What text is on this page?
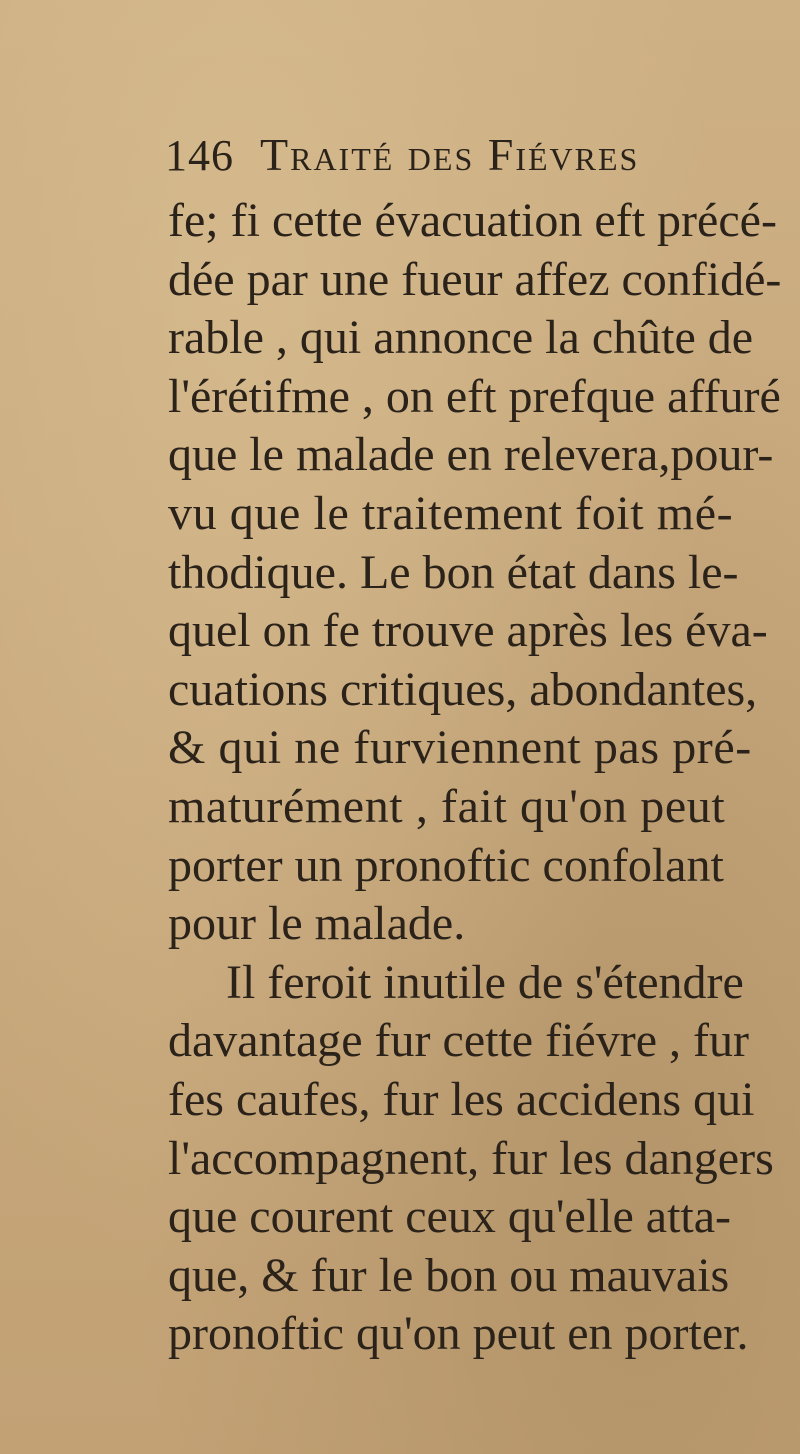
146 Traité des Fiévres
fe; fi cette évacuation eft précé-
dée par une fueur affez confidé-
rable , qui annonce la chûte de
l'érétifme , on eft prefque affuré
que le malade en relevera,pour-
vu que le traitement foit mé-
thodique. Le bon état dans le-
quel on fe trouve après les éva-
cuations critiques, abondantes,
& qui ne furviennent pas pré-
maturément , fait qu'on peut
porter un pronoftic confolant
pour le malade.
Il feroit inutile de s'étendre
davantage fur cette fiévre , fur
fes caufes, fur les accidens qui
l'accompagnent, fur les dangers
que courent ceux qu'elle atta-
que, & fur le bon ou mauvais
pronoftic qu'on peut en porter.
